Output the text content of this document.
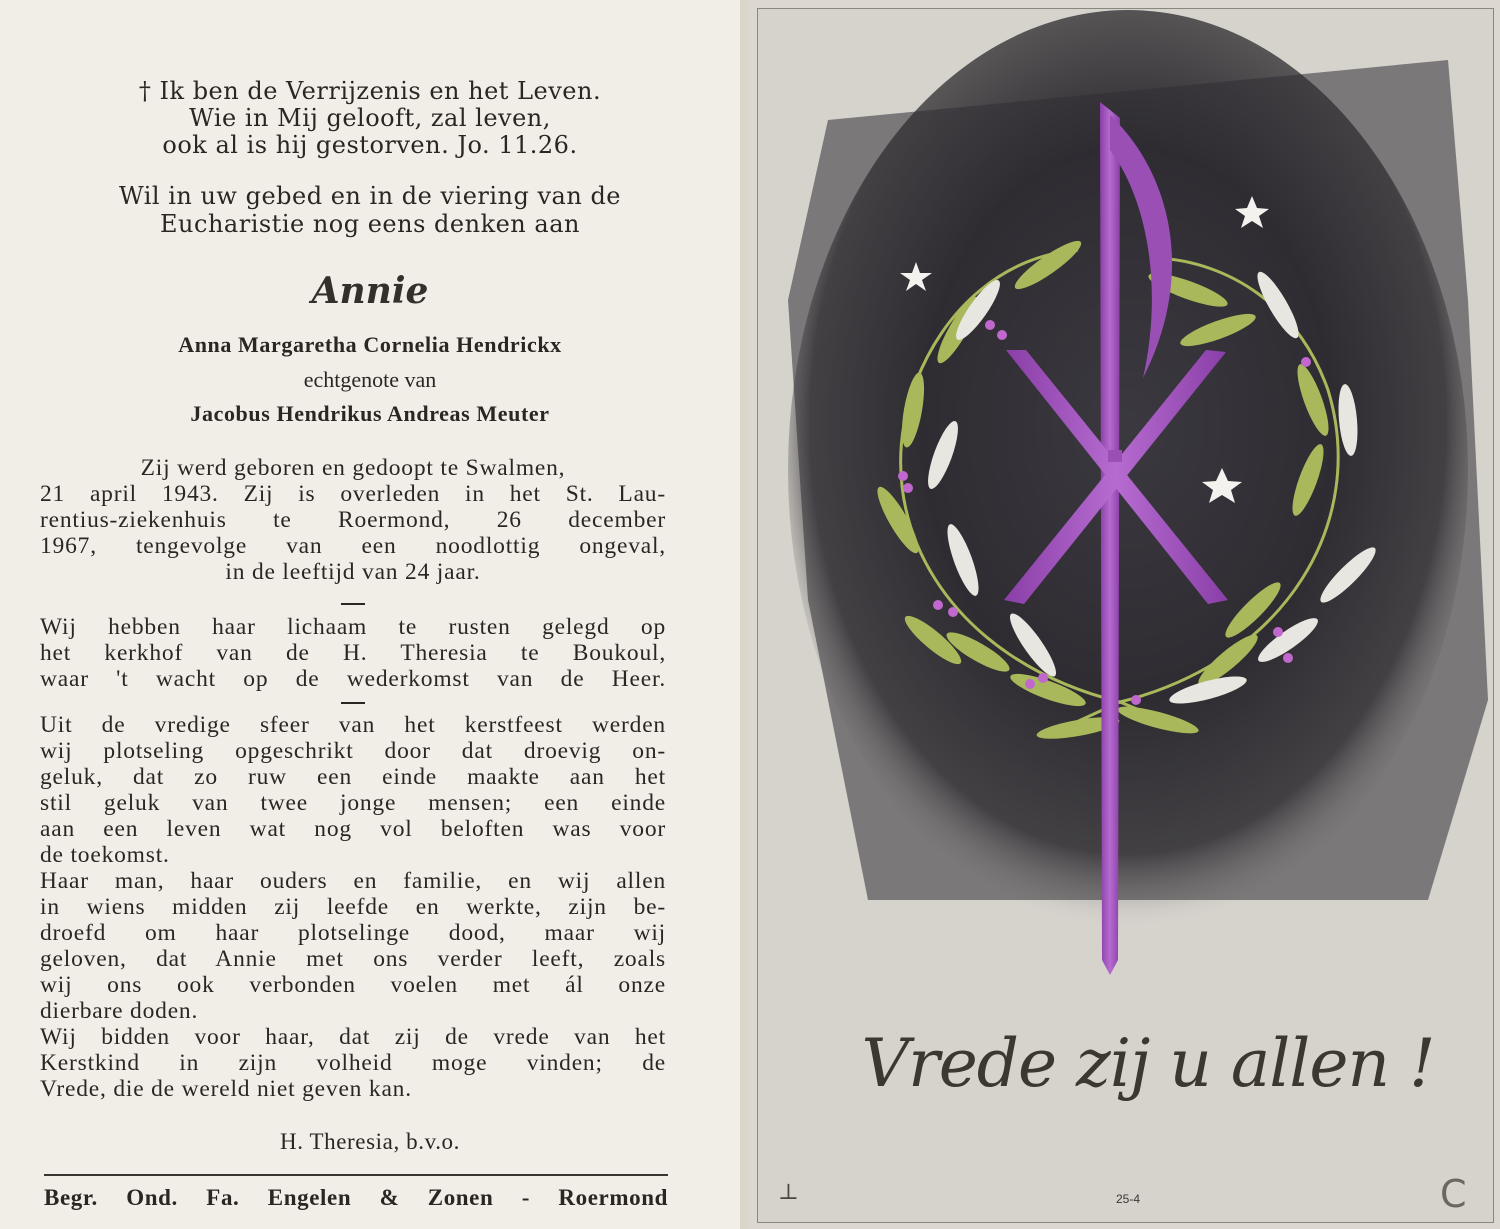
† Ik ben de Verrijzenis en het Leven.
Wie in Mij gelooft, zal leven,
ook al is hij gestorven. Jo. 11.26.
Wil in uw gebed en in de viering van de
Eucharistie nog eens denken aan
Annie
Anna Margaretha Cornelia Hendrickx
echtgenote van
Jacobus Hendrikus Andreas Meuter
Zij werd geboren en gedoopt te Swalmen,
21 april 1943. Zij is overleden in het St. Lau-
rentius-ziekenhuis te Roermond, 26 december
1967, tengevolge van een noodlottig ongeval,
in de leeftijd van 24 jaar.
Wij hebben haar lichaam te rusten gelegd op
het kerkhof van de H. Theresia te Boukoul,
waar 't wacht op de wederkomst van de Heer.
Uit de vredige sfeer van het kerstfeest werden
wij plotseling opgeschrikt door dat droevig on-
geluk, dat zo ruw een einde maakte aan het
stil geluk van twee jonge mensen; een einde
aan een leven wat nog vol beloften was voor
de toekomst.
Haar man, haar ouders en familie, en wij allen
in wiens midden zij leefde en werkte, zijn be-
droefd om haar plotselinge dood, maar wij
geloven, dat Annie met ons verder leeft, zoals
wij ons ook verbonden voelen met ál onze
dierbare doden.
Wij bidden voor haar, dat zij de vrede van het
Kerstkind in zijn volheid moge vinden; de
Vrede, die de wereld niet geven kan.
H. Theresia, b.v.o.
Begr. Ond. Fa. Engelen & Zonen - Roermond
Vrede zij u allen !
⊥	25-4	𝖢
